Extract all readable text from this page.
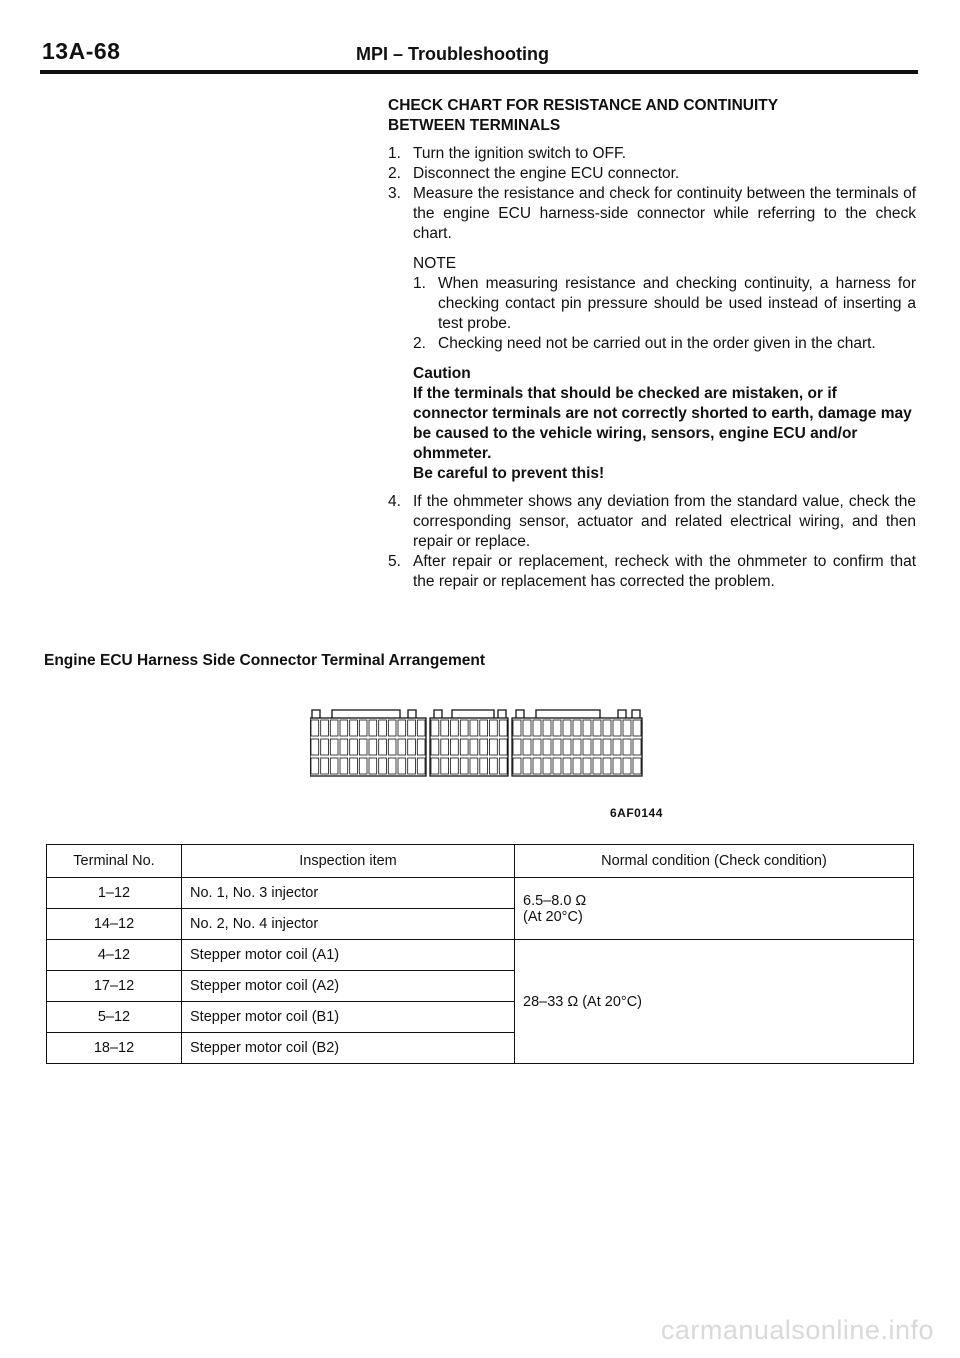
13A-68	MPI – Troubleshooting
CHECK CHART FOR RESISTANCE AND CONTINUITY
BETWEEN TERMINALS
1. Turn the ignition switch to OFF.
2. Disconnect the engine ECU connector.
3. Measure the resistance and check for continuity between the terminals of the engine ECU harness-side connector while referring to the check chart.
NOTE
1. When measuring resistance and checking continuity, a harness for checking contact pin pressure should be used instead of inserting a test probe.
2. Checking need not be carried out in the order given in the chart.
Caution
If the terminals that should be checked are mistaken, or if connector terminals are not correctly shorted to earth, damage may be caused to the vehicle wiring, sensors, engine ECU and/or ohmmeter.
Be careful to prevent this!
4. If the ohmmeter shows any deviation from the standard value, check the corresponding sensor, actuator and related electrical wiring, and then repair or replace.
5. After repair or replacement, recheck with the ohmmeter to confirm that the repair or replacement has corrected the problem.
Engine ECU Harness Side Connector Terminal Arrangement
6AF0144
Terminal No.	Inspection item	Normal condition (Check condition)
1–12	No. 1, No. 3 injector	6.5–8.0 Ω
(At 20°C)

14–12	No. 2, No. 4 injector	
4–12	Stepper motor coil (A1)	28–33 Ω (At 20°C)
17–12	Stepper motor coil (A2)	
5–12	Stepper motor coil (B1)	
18–12	Stepper motor coil (B2)	
carmanualsonline.info
